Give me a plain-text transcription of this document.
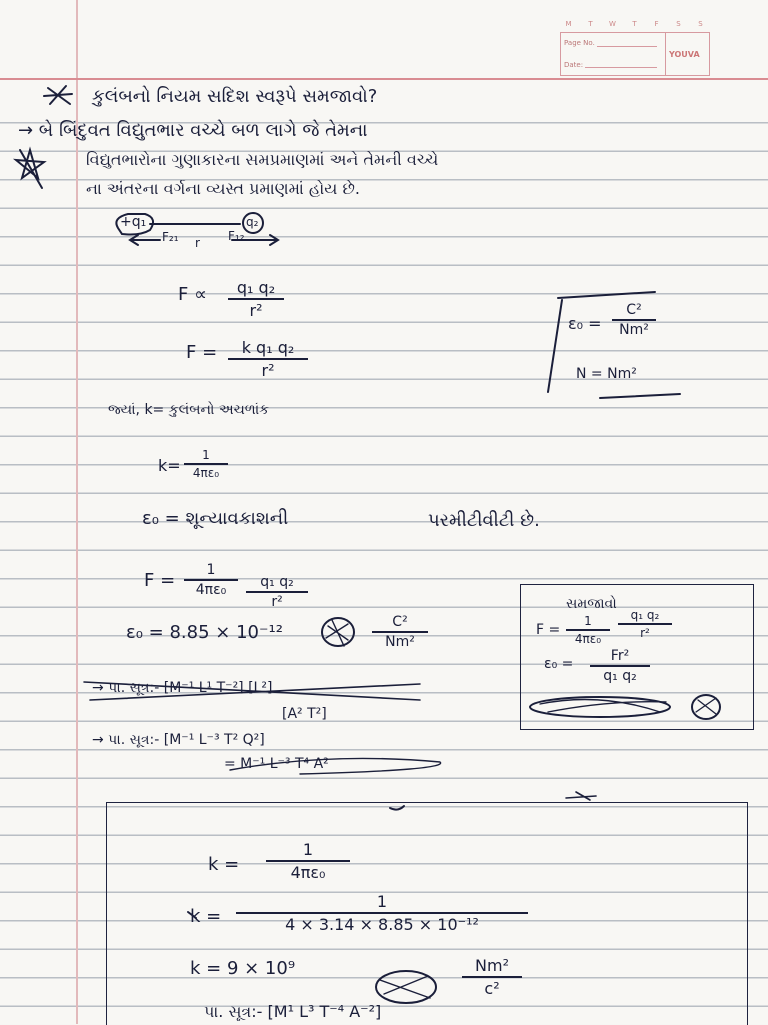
M	T	W	T	F	S	S
Page No.
Date:
YOUVA
કુલંબનો નિયમ સદિશ સ્વરૂપે સમજાવો?
→ બે બિંદુવત વિદ્યુતભાર વચ્ચે બળ લાગે જે તેમના
વિદ્યુતભારોના ગુણાકારના સમપ્રમાણમાં અને તેમની વચ્ચે
ના અંતરના વર્ગના વ્યસ્ત પ્રમાણમાં હોય છે.
+q₁	q₂
F₂₁ r F₁₂
F ∝	q₁ q₂
r²
F =	k q₁ q₂
r²
ε₀ =
C²
Nm²
N = Nm²
જ્યાં, k= કુલંબનો અચળાંક
k=
1
4πε₀
ε₀ = શૂન્યાવકાશની	પરમીટીવીટી છે.
F =	1
4πε₀	q₁ q₂
r²
ε₀ = 8.85 × 10⁻¹²	C²
Nm²
→ પા. સૂત્ર:- [M⁻¹ L¹ T⁻²] [L²]
[A² T²]
→ પા. સૂત્ર:- [M⁻¹ L⁻³ T² Q²]
= M⁻¹ L⁻³ T⁴ A²
સમજાવો
F =
1
4πε₀
q₁ q₂
r²
ε₀ =	Fr²
q₁ q₂
k =
1
4πε₀
k =
1
4 × 3.14 × 8.85 × 10⁻¹²
k = 9 × 10⁹	Nm²
c²
પા. સૂત્ર:- [M¹ L³ T⁻⁴ A⁻²]
